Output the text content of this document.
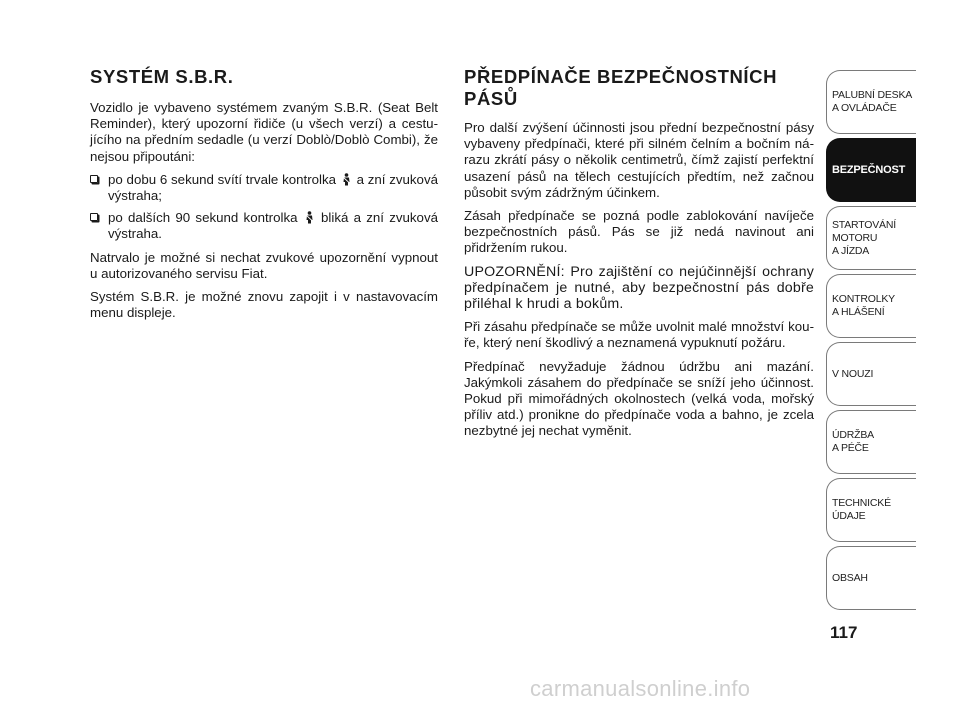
SYSTÉM S.B.R.

Vozidlo je vybaveno systémem zvaným S.B.R. (Seat Belt Reminder), který upozorní řidiče (u všech verzí) a cestujícího na předním sedadle (u verzí Doblò/Doblò Combi), že nejsou připoutáni:

po dobu 6 sekund svítí trvale kontrolka a zní zvuková výstraha;
po dalších 90 sekund kontrolka bliká a zní zvuková výstraha.

Natrvalo je možné si nechat zvukové upozornění vypnout u autorizovaného servisu Fiat.

Systém S.B.R. je možné znovu zapojit i v nastavovacím menu displeje.

PŘEDPÍNAČE BEZPEČNOSTNÍCH PÁSŮ

Pro další zvýšení účinnosti jsou přední bezpečnostní pásy vybaveny předpínači, které při silném čelním a bočním nárazu zkrátí pásy o několik centimetrů, čímž zajistí perfektní usazení pásů na tělech cestujících předtím, než začnou působit svým zádržným účinkem.

Zásah předpínače se pozná podle zablokování navíječe bezpečnostních pásů. Pás se již nedá navinout ani přidržením rukou.

UPOZORNĚNÍ: Pro zajištění co nejúčinnější ochrany předpínačem je nutné, aby bezpečnostní pás dobře přiléhal k hrudi a bokům.

Při zásahu předpínače se může uvolnit malé množství kouře, který není škodlivý a neznamená vypuknutí požáru.

Předpínač nevyžaduje žádnou údržbu ani mazání. Jakýmkoli zásahem do předpínače se sníží jeho účinnost. Pokud při mimořádných okolnostech (velká voda, mořský příliv atd.) pronikne do předpínače voda a bahno, je zcela nezbytné jej nechat vyměnit.

PALUBNÍ DESKA
A OVLÁDAČE
BEZPEČNOST
STARTOVÁNÍ
MOTORU
A JÍZDA
KONTROLKY
A HLÁŠENÍ
V NOUZI
ÚDRŽBA
A PÉČE
TECHNICKÉ
ÚDAJE
OBSAH
117
carmanualsonline.info
